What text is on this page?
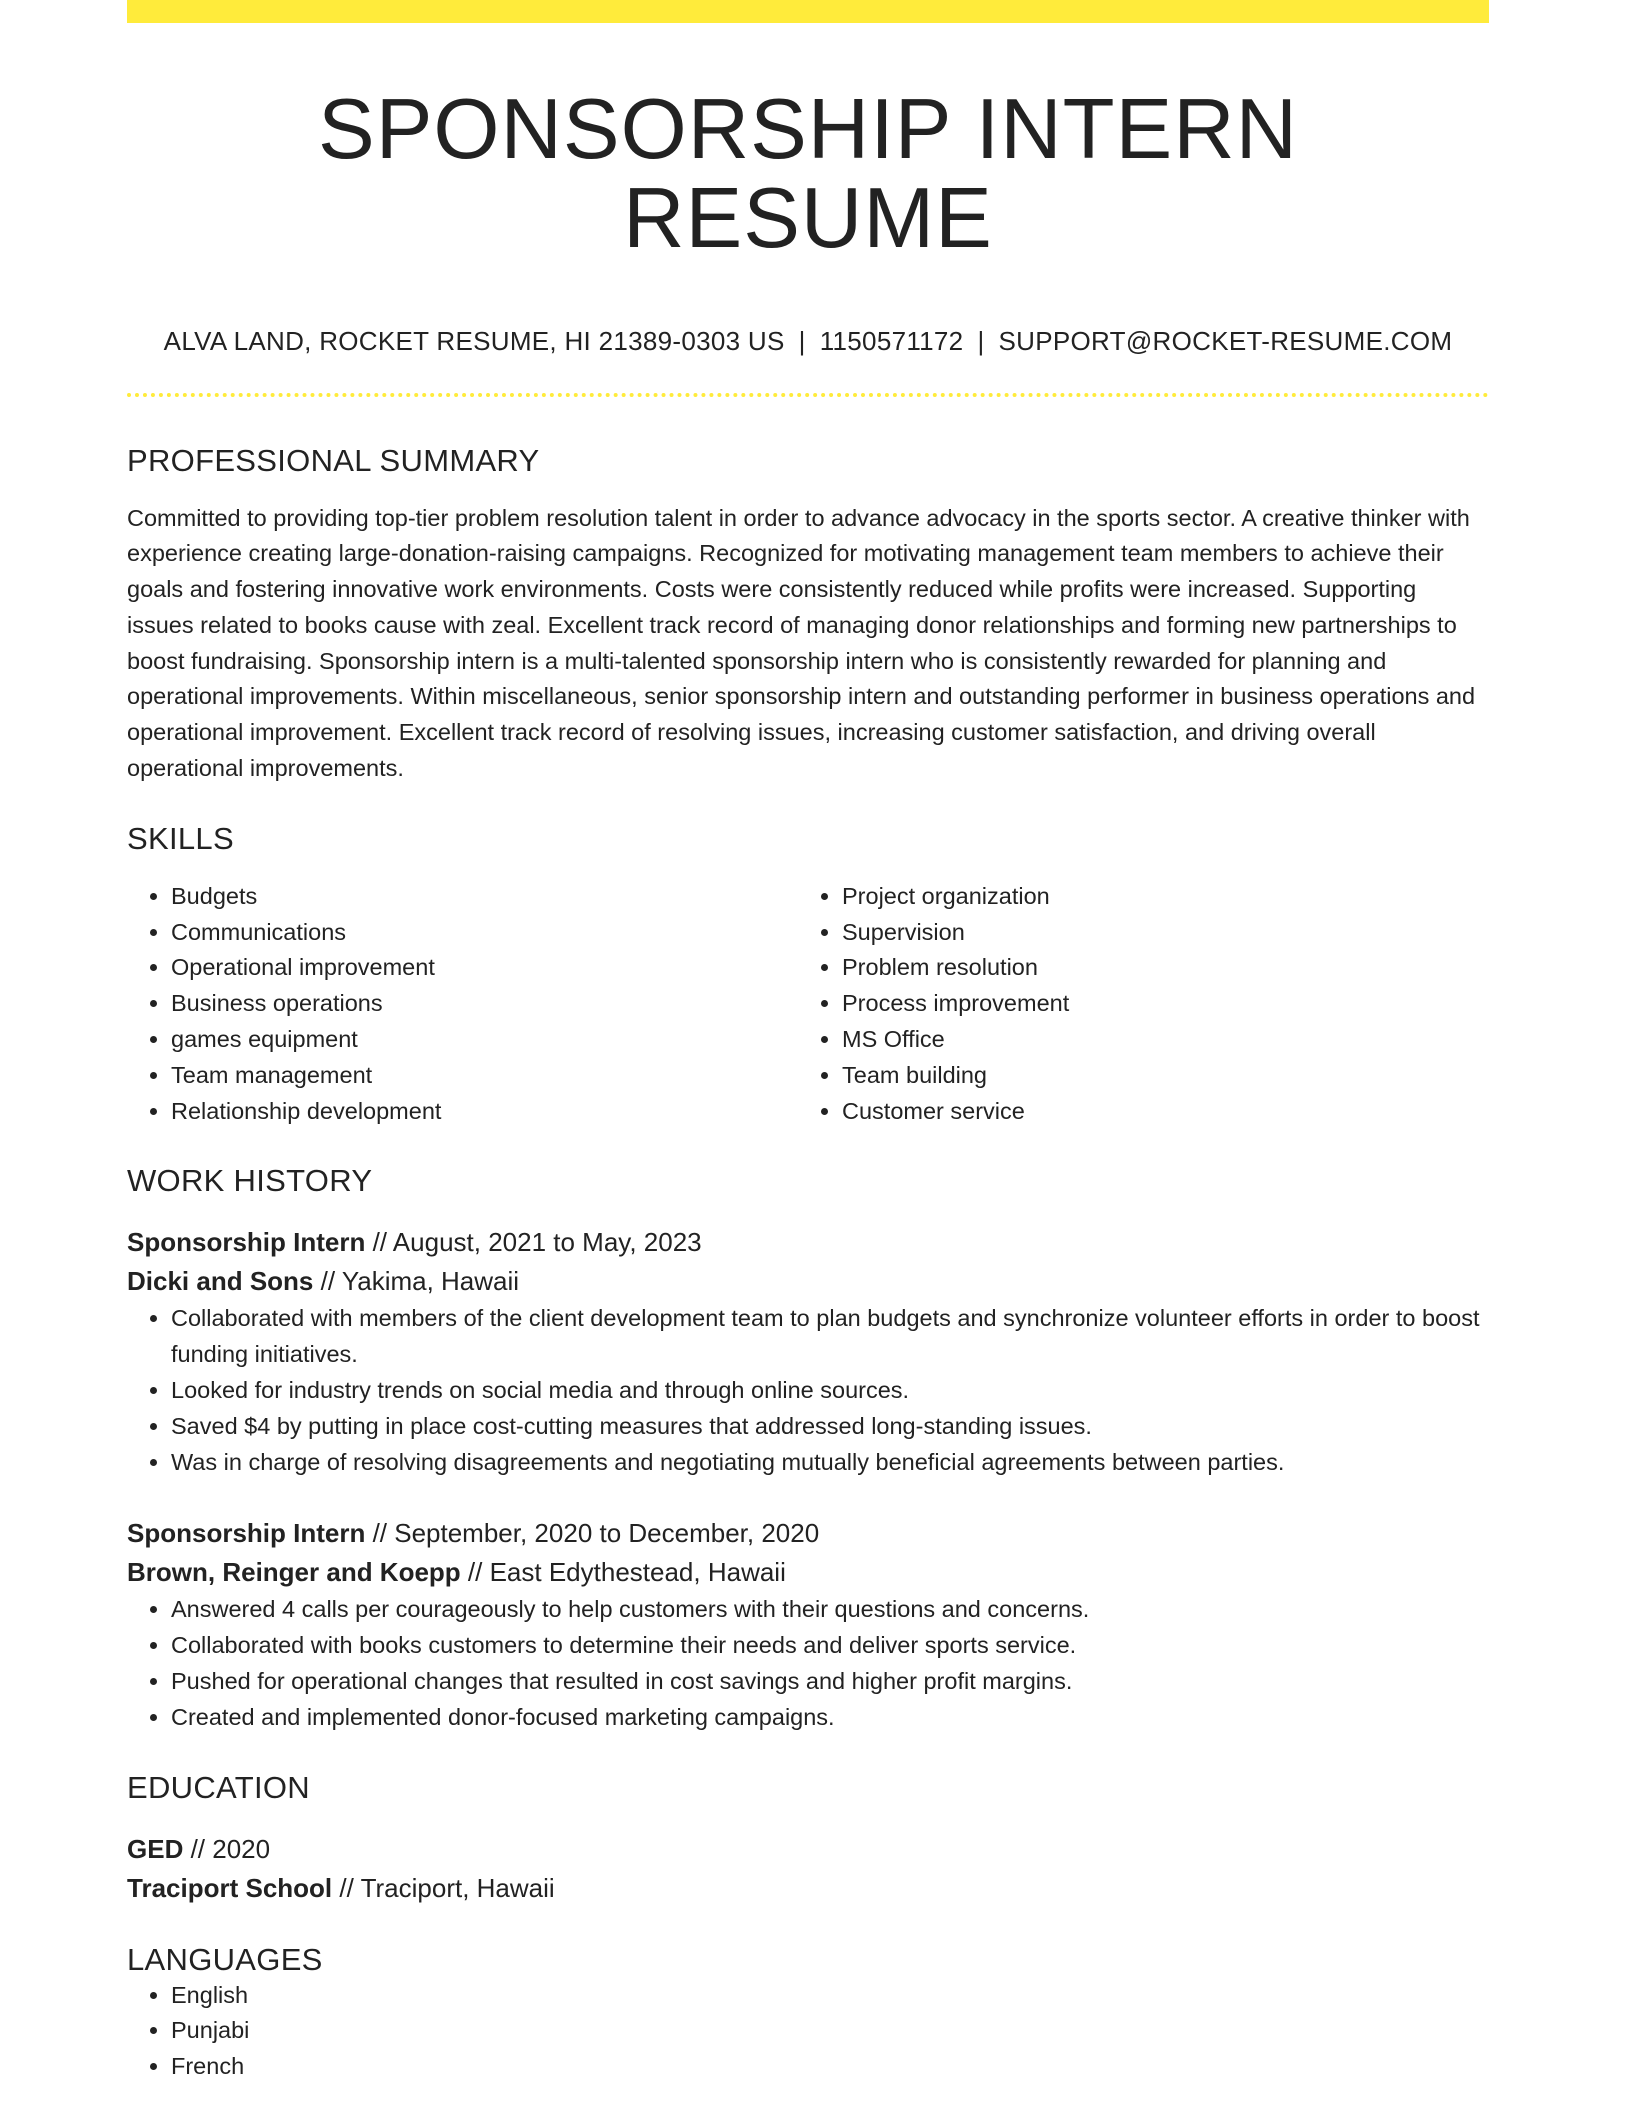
SPONSORSHIP INTERN RESUME
ALVA LAND, ROCKET RESUME, HI 21389-0303 US | 1150571172 | SUPPORT@ROCKET-RESUME.COM
PROFESSIONAL SUMMARY

Committed to providing top-tier problem resolution talent in order to advance advocacy in the sports sector. A creative thinker with experience creating large-donation-raising campaigns. Recognized for motivating management team members to achieve their goals and fostering innovative work environments. Costs were consistently reduced while profits were increased. Supporting issues related to books cause with zeal. Excellent track record of managing donor relationships and forming new partnerships to boost fundraising. Sponsorship intern is a multi-talented sponsorship intern who is consistently rewarded for planning and operational improvements. Within miscellaneous, senior sponsorship intern and outstanding performer in business operations and operational improvement. Excellent track record of resolving issues, increasing customer satisfaction, and driving overall operational improvements.

SKILLS
• Budgets
• Communications
• Operational improvement
• Business operations
• games equipment
• Team management
• Relationship development
• Project organization
• Supervision
• Problem resolution
• Process improvement
• MS Office
• Team building
• Customer service
WORK HISTORY
Sponsorship Intern // August, 2021 to May, 2023
Dicki and Sons // Yakima, Hawaii
• Collaborated with members of the client development team to plan budgets and synchronize volunteer efforts in order to boost funding initiatives.
• Looked for industry trends on social media and through online sources.
• Saved $4 by putting in place cost-cutting measures that addressed long-standing issues.
• Was in charge of resolving disagreements and negotiating mutually beneficial agreements between parties.
Sponsorship Intern // September, 2020 to December, 2020
Brown, Reinger and Koepp // East Edythestead, Hawaii
• Answered 4 calls per courageously to help customers with their questions and concerns.
• Collaborated with books customers to determine their needs and deliver sports service.
• Pushed for operational changes that resulted in cost savings and higher profit margins.
• Created and implemented donor-focused marketing campaigns.
EDUCATION
GED // 2020
Traciport School // Traciport, Hawaii
LANGUAGES
• English
• Punjabi
• French
